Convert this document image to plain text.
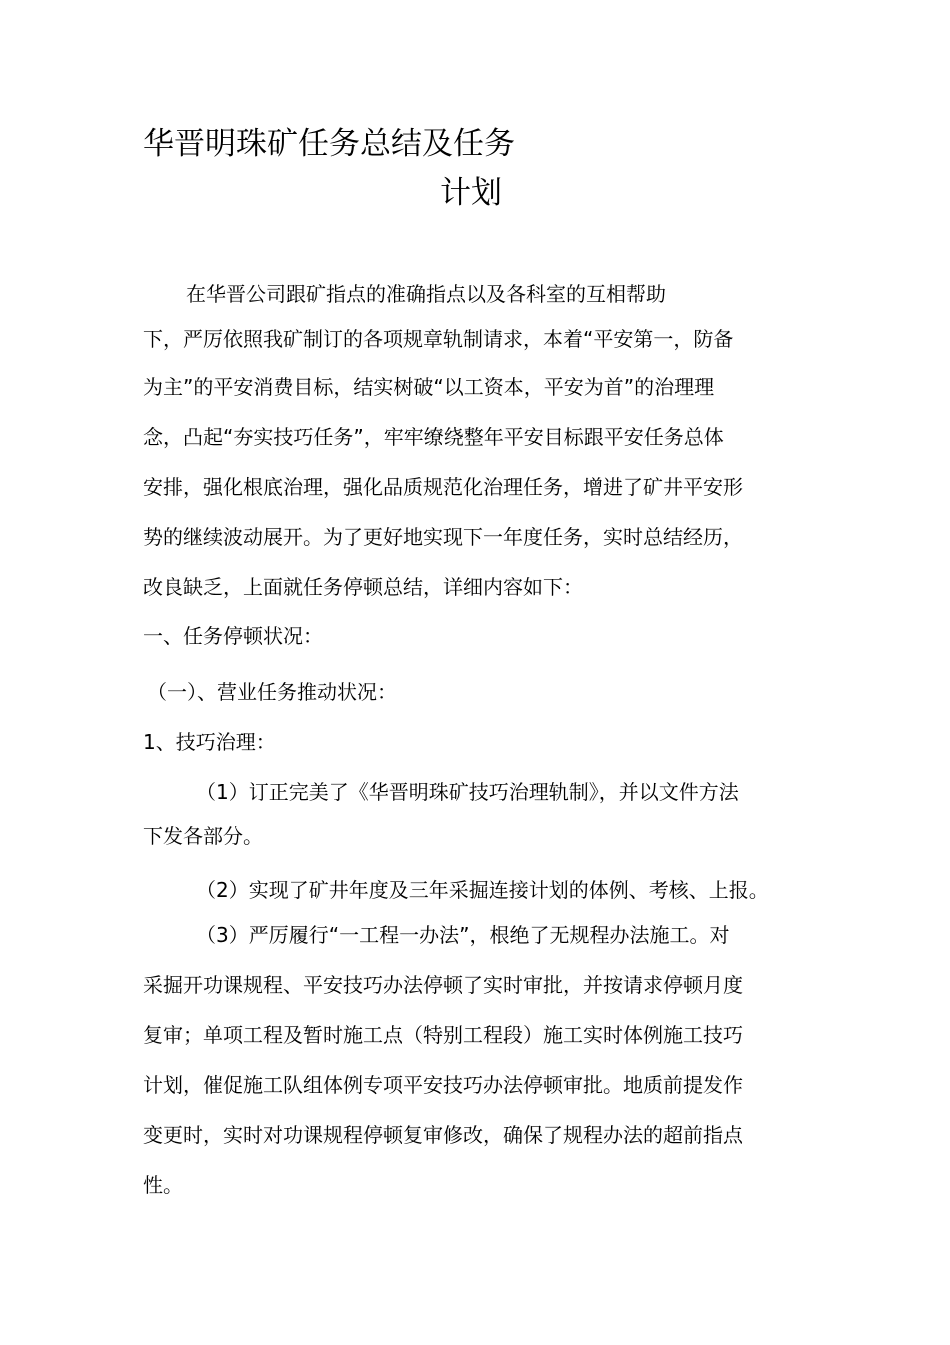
华晋明珠矿任务总结及任务
计划
在华晋公司跟矿指点的准确指点以及各科室的互相帮助
下，严厉依照我矿制订的各项规章轨制请求，本着“平安第一，防备
为主”的平安消费目标，结实树破“以工资本，平安为首”的治理理
念，凸起“夯实技巧任务”，牢牢缭绕整年平安目标跟平安任务总体
安排，强化根底治理，强化品质规范化治理任务，增进了矿井平安形
势的继续波动展开。为了更好地实现下一年度任务，实时总结经历，
改良缺乏，上面就任务停顿总结，详细内容如下：
一、任务停顿状况：
（一）、营业任务推动状况：
1、技巧治理：
（1）订正完美了《华晋明珠矿技巧治理轨制》，并以文件方法
下发各部分。
（2）实现了矿井年度及三年采掘连接计划的体例、考核、上报。
（3）严厉履行“一工程一办法”，根绝了无规程办法施工。对
采掘开功课规程、平安技巧办法停顿了实时审批，并按请求停顿月度
复审；单项工程及暂时施工点（特别工程段）施工实时体例施工技巧
计划，催促施工队组体例专项平安技巧办法停顿审批。地质前提发作
变更时，实时对功课规程停顿复审修改，确保了规程办法的超前指点
性。
